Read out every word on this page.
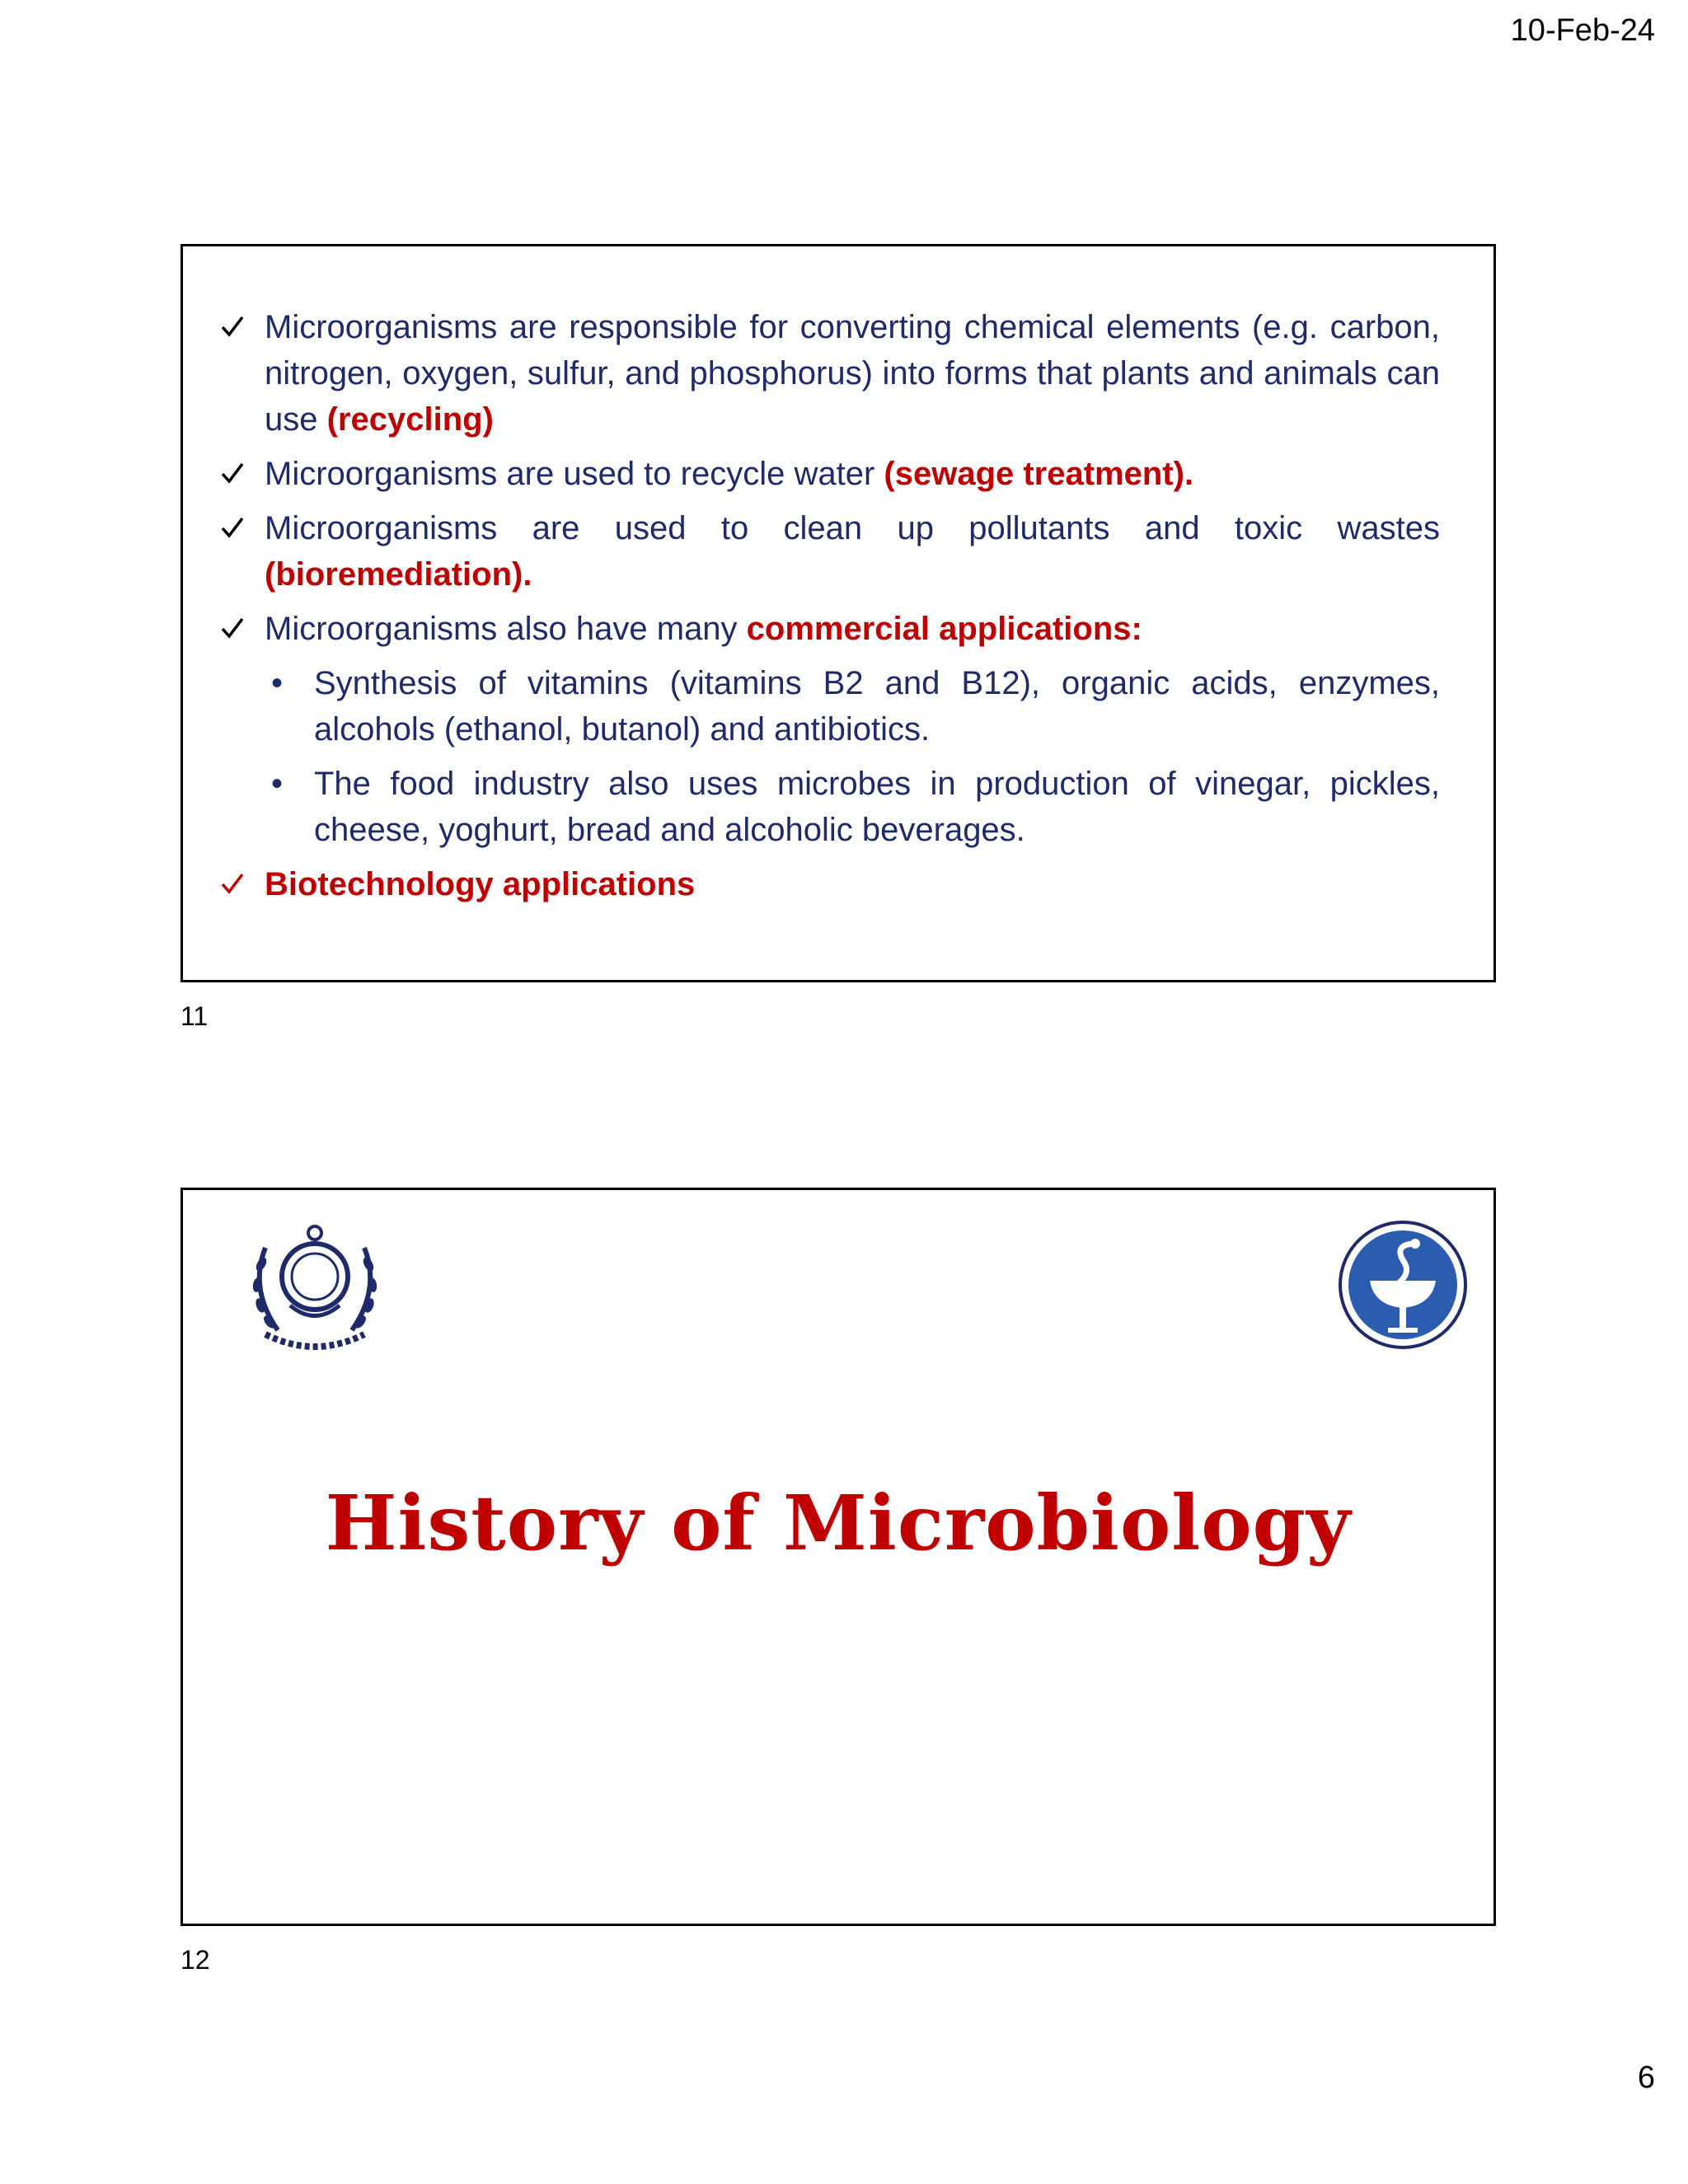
10-Feb-24
Microorganisms are responsible for converting chemical elements (e.g. carbon, nitrogen, oxygen, sulfur, and phosphorus) into forms that plants and animals can use (recycling)
Microorganisms are used to recycle water (sewage treatment).
Microorganisms are used to clean up pollutants and toxic wastes (bioremediation).
Microorganisms also have many commercial applications:
• Synthesis of vitamins (vitamins B2 and B12), organic acids, enzymes, alcohols (ethanol, butanol) and antibiotics.
• The food industry also uses microbes in production of vinegar, pickles, cheese, yoghurt, bread and alcoholic beverages.
Biotechnology applications
11
History of Microbiology
12
6
